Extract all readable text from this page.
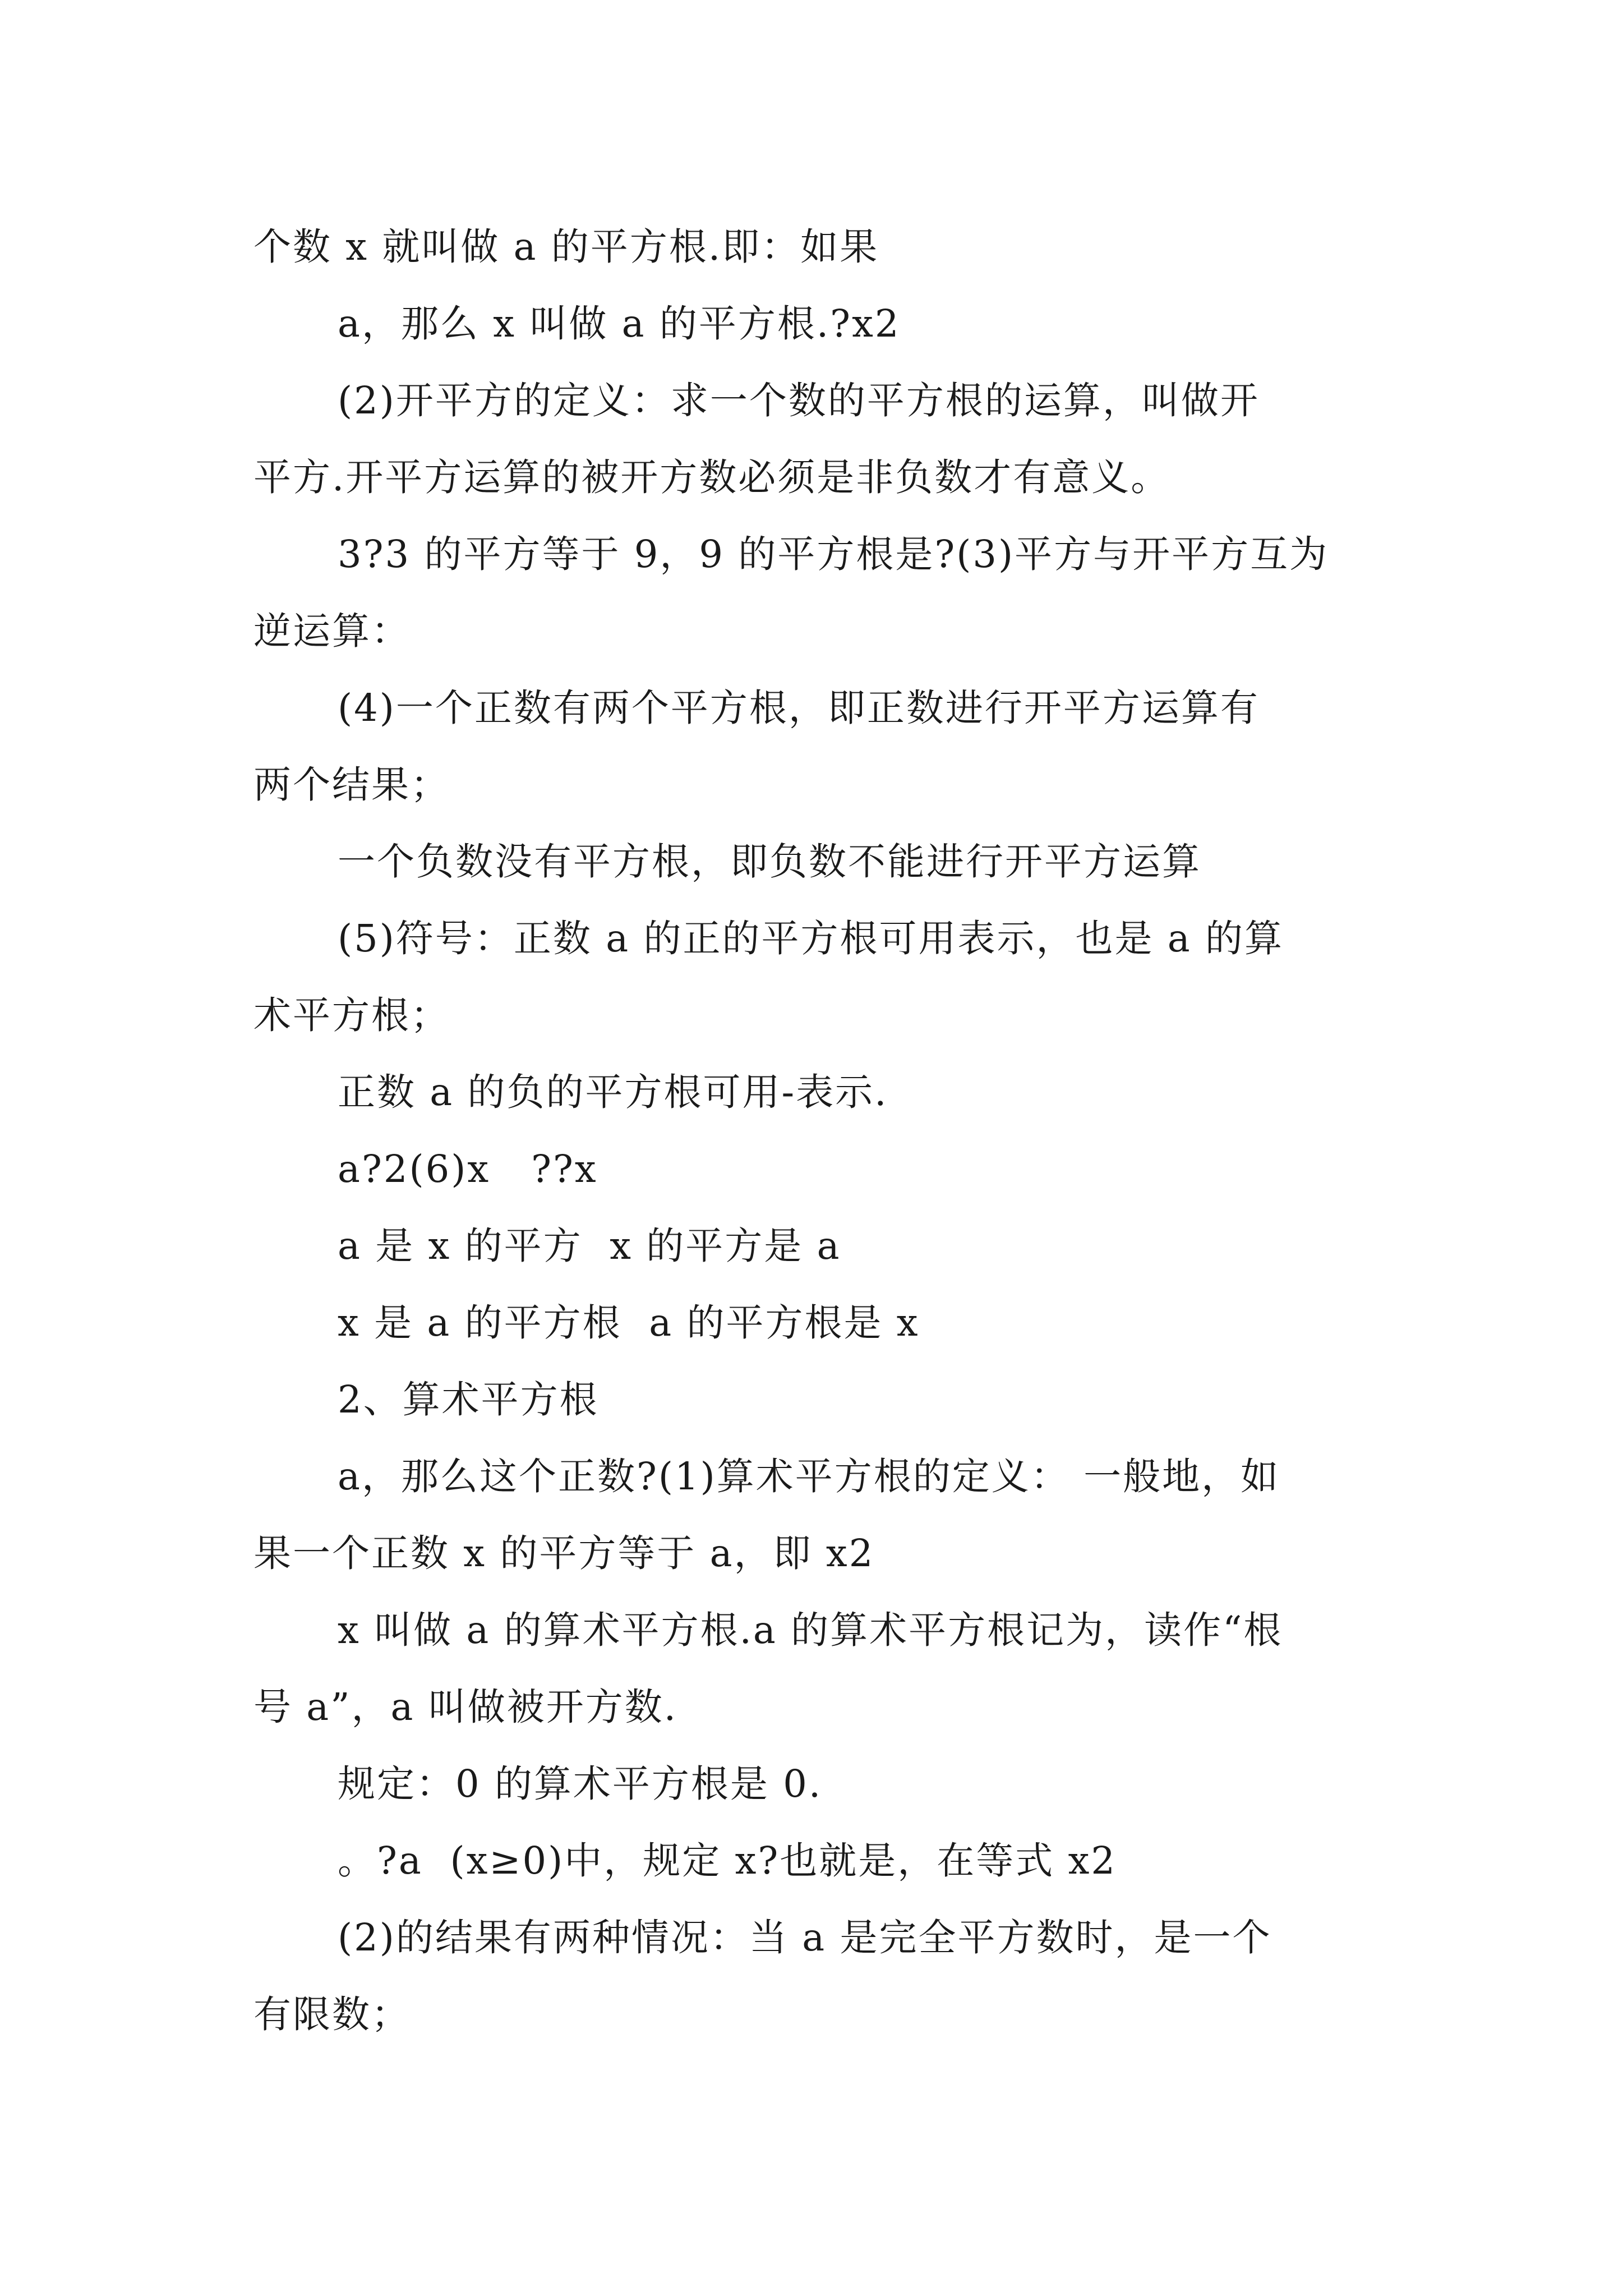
个数 x 就叫做 a 的平方根.即：如果
a，那么 x 叫做 a 的平方根.?x2
(2)开平方的定义：求一个数的平方根的运算，叫做开
平方.开平方运算的被开方数必须是非负数才有意义。
3?3 的平方等于 9，9 的平方根是?(3)平方与开平方互为
逆运算：
(4)一个正数有两个平方根，即正数进行开平方运算有
两个结果；
一个负数没有平方根，即负数不能进行开平方运算
(5)符号：正数 a 的正的平方根可用表示，也是 a 的算
术平方根；
正数 a 的负的平方根可用-表示.
a?2(6)x   ??x
a 是 x 的平方  x 的平方是 a
x 是 a 的平方根  a 的平方根是 x
2、算术平方根
a，那么这个正数?(1)算术平方根的定义： 一般地，如
果一个正数 x 的平方等于 a，即 x2
x 叫做 a 的算术平方根.a 的算术平方根记为，读作“根
号 a”，a 叫做被开方数.
规定：0 的算术平方根是 0.
。?a  (x≥0)中，规定 x?也就是，在等式 x2
(2)的结果有两种情况：当 a 是完全平方数时，是一个
有限数；
